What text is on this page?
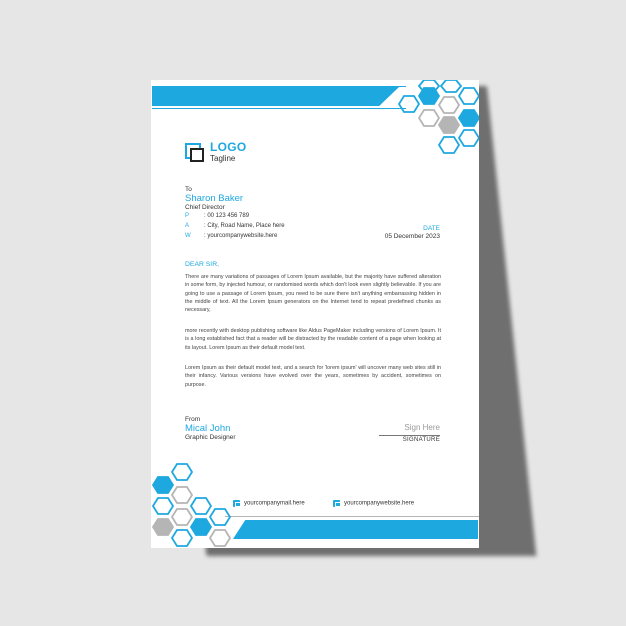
LOGO
Tagline
To
Sharon Baker
Chief Director
P : 00 123 456 789
A : City, Road Name, Place here
W : yourcompanywebsite.here
DATE
05 December 2023
DEAR SIR,

There are many variations of passages of Lorem Ipsum available, but the majority have suffered alteration in some form, by injected humour, or randomised words which don't look even slightly believable. If you are going to use a passage of Lorem Ipsum, you need to be sure there isn't anything embarrassing hidden in the middle of text. All the Lorem Ipsum generators on the Internet tend to repeat predefined chunks as necessary,

more recently with desktop publishing software like Aldus PageMaker including versions of Lorem Ipsum. It is a long established fact that a reader will be distracted by the readable content of a page when looking at its layout. Lorem Ipsum as their default model text.

Lorem Ipsum as their default model text, and a search for 'lorem ipsum' will uncover many web sites still in their infancy. Various versions have evolved over the years, sometimes by accident, sometimes on purpose.

From
Mical John
Graphic Designer
Sign Here
SIGNATURE
yourcompanymail.here	yourcompanywebsite.here
